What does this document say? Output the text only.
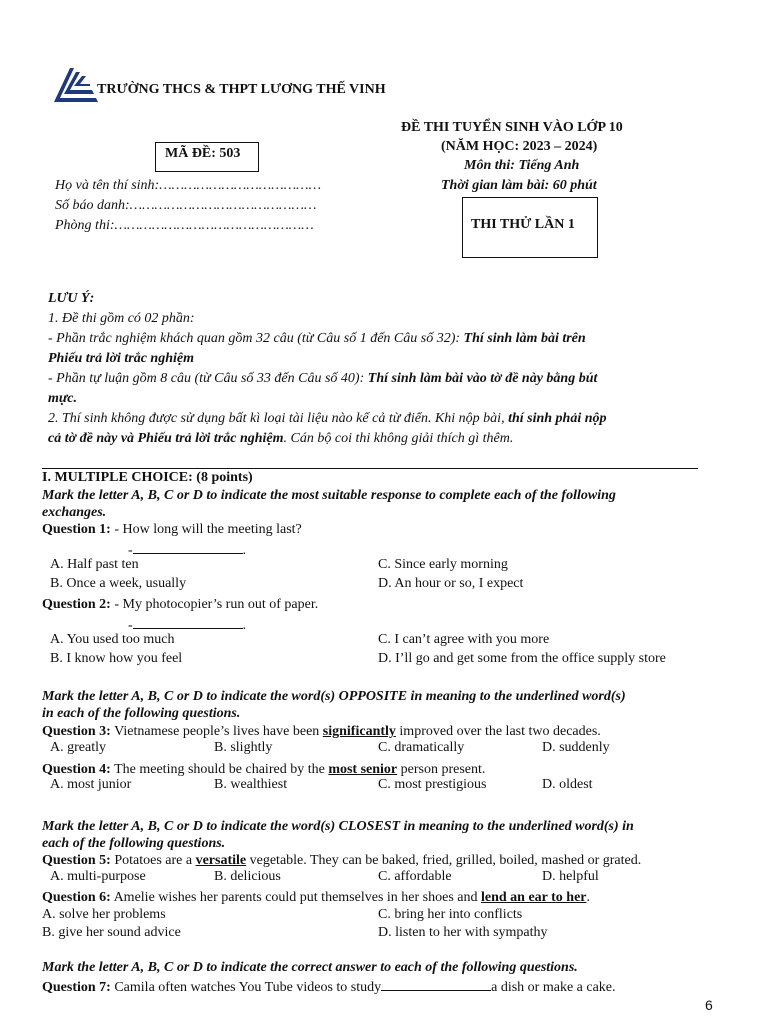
TRƯỜNG THCS & THPT LƯƠNG THẾ VINH
MÃ ĐỀ: 503
ĐỀ THI TUYỂN SINH VÀO LỚP 10
(NĂM HỌC: 2023 – 2024)
Môn thi: Tiếng Anh
Thời gian làm bài: 60 phút
Họ và tên thí sinh:…………………………………
Số báo danh:………………………………………
Phòng thi:…………………………………………	THI THỬ LẦN 1
LƯU Ý:
1. Đề thi gồm có 02 phần:
- Phần trắc nghiệm khách quan gồm 32 câu (từ Câu số 1 đến Câu số 32): Thí sinh làm bài trên
Phiếu trả lời trắc nghiệm
- Phần tự luận gồm 8 câu (từ Câu số 33 đến Câu số 40): Thí sinh làm bài vào tờ đề này bằng bút
mực.
2. Thí sinh không được sử dụng bất kì loại tài liệu nào kể cả từ điển. Khi nộp bài, thí sinh phải nộp
cả tờ đề này và Phiếu trả lời trắc nghiệm. Cán bộ coi thi không giải thích gì thêm.
I. MULTIPLE CHOICE: (8 points)
Mark the letter A, B, C or D to indicate the most suitable response to complete each of the following
exchanges.
Question 1: - How long will the meeting last?
-	.
A. Half past ten
B. Once a week, usually
C. Since early morning
D. An hour or so, I expect
Question 2: - My photocopier’s run out of paper.
-	.
A. You used too much
B. I know how you feel
C. I can’t agree with you more
D. I’ll go and get some from the office supply store
Mark the letter A, B, C or D to indicate the word(s) OPPOSITE in meaning to the underlined word(s)
in each of the following questions.
Question 3: Vietnamese people’s lives have been significantly improved over the last two decades.
A. greatly	B. slightly	C. dramatically	D. suddenly
Question 4: The meeting should be chaired by the most senior person present.
A. most junior	B. wealthiest	C. most prestigious	D. oldest
Mark the letter A, B, C or D to indicate the word(s) CLOSEST in meaning to the underlined word(s) in
each of the following questions.
Question 5: Potatoes are a versatile vegetable. They can be baked, fried, grilled, boiled, mashed or grated.
A. multi-purpose	B. delicious	C. affordable	D. helpful
Question 6: Amelie wishes her parents could put themselves in her shoes and lend an ear to her.
A. solve her problems
B. give her sound advice
C. bring her into conflicts
D. listen to her with sympathy
Mark the letter A, B, C or D to indicate the correct answer to each of the following questions.
Question 7: Camila often watches You Tube videos to study	a dish or make a cake.
6
